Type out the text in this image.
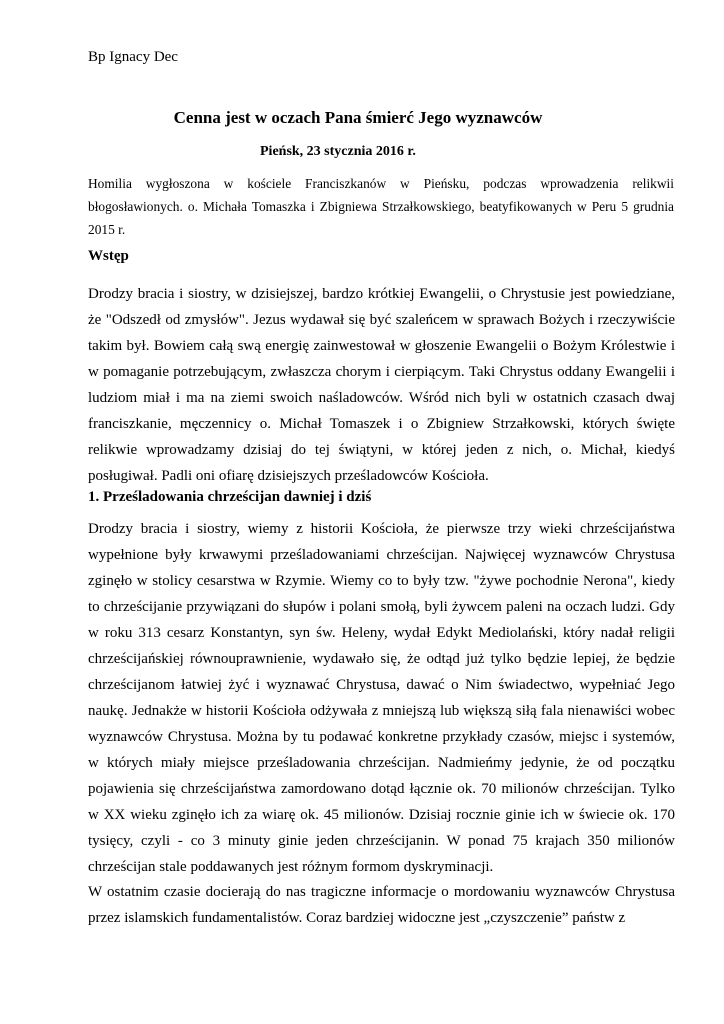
Bp Ignacy Dec
Cenna jest w oczach Pana śmierć Jego wyznawców
Pieńsk, 23 stycznia 2016 r.
Homilia wygłoszona w kościele Franciszkanów w Pieńsku, podczas wprowadzenia relikwii błogosławionych. o. Michała Tomaszka i Zbigniewa Strzałkowskiego, beatyfikowanych w Peru 5 grudnia 2015 r.
Wstęp

Drodzy bracia i siostry, w dzisiejszej, bardzo krótkiej Ewangelii, o Chrystusie jest powiedziane, że "Odszedł od zmysłów". Jezus wydawał się być szaleńcem w sprawach Bożych i rzeczywiście takim był. Bowiem całą swą energię zainwestował w głoszenie Ewangelii o Bożym Królestwie i w pomaganie potrzebującym, zwłaszcza chorym i cierpiącym. Taki Chrystus oddany Ewangelii i ludziom miał i ma na ziemi swoich naśladowców. Wśród nich byli w ostatnich czasach dwaj franciszkanie, męczennicy o. Michał Tomaszek i o Zbigniew Strzałkowski, których święte relikwie wprowadzamy dzisiaj do tej świątyni, w której jeden z nich, o. Michał, kiedyś posługiwał. Padli oni ofiarę dzisiejszych prześladowców Kościoła.

1. Prześladowania chrześcijan dawniej i dziś

Drodzy bracia i siostry, wiemy z historii Kościoła, że pierwsze trzy wieki chrześcijaństwa wypełnione były krwawymi prześladowaniami chrześcijan. Najwięcej wyznawców Chrystusa zginęło w stolicy cesarstwa w Rzymie. Wiemy co to były tzw. "żywe pochodnie Nerona", kiedy to chrześcijanie przywiązani do słupów i polani smołą, byli żywcem paleni na oczach ludzi. Gdy w roku 313 cesarz Konstantyn, syn św. Heleny, wydał Edykt Mediolański, który nadał religii chrześcijańskiej równouprawnienie, wydawało się, że odtąd już tylko będzie lepiej, że będzie chrześcijanom łatwiej żyć i wyznawać Chrystusa, dawać o Nim świadectwo, wypełniać Jego naukę. Jednakże w historii Kościoła odżywała z mniejszą lub większą siłą fala nienawiści wobec wyznawców Chrystusa. Można by tu podawać konkretne przykłady czasów, miejsc i systemów, w których miały miejsce prześladowania chrześcijan. Nadmieńmy jedynie, że od początku pojawienia się chrześcijaństwa zamordowano dotąd łącznie ok. 70 milionów chrześcijan. Tylko w XX wieku zginęło ich za wiarę ok. 45 milionów. Dzisiaj rocznie ginie ich w świecie ok. 170 tysięcy, czyli - co 3 minuty ginie jeden chrześcijanin. W ponad 75 krajach 350 milionów chrześcijan stale poddawanych jest różnym formom dyskryminacji.

W ostatnim czasie docierają do nas tragiczne informacje o mordowaniu wyznawców Chrystusa przez islamskich fundamentalistów. Coraz bardziej widoczne jest „czyszczenie” państw z
